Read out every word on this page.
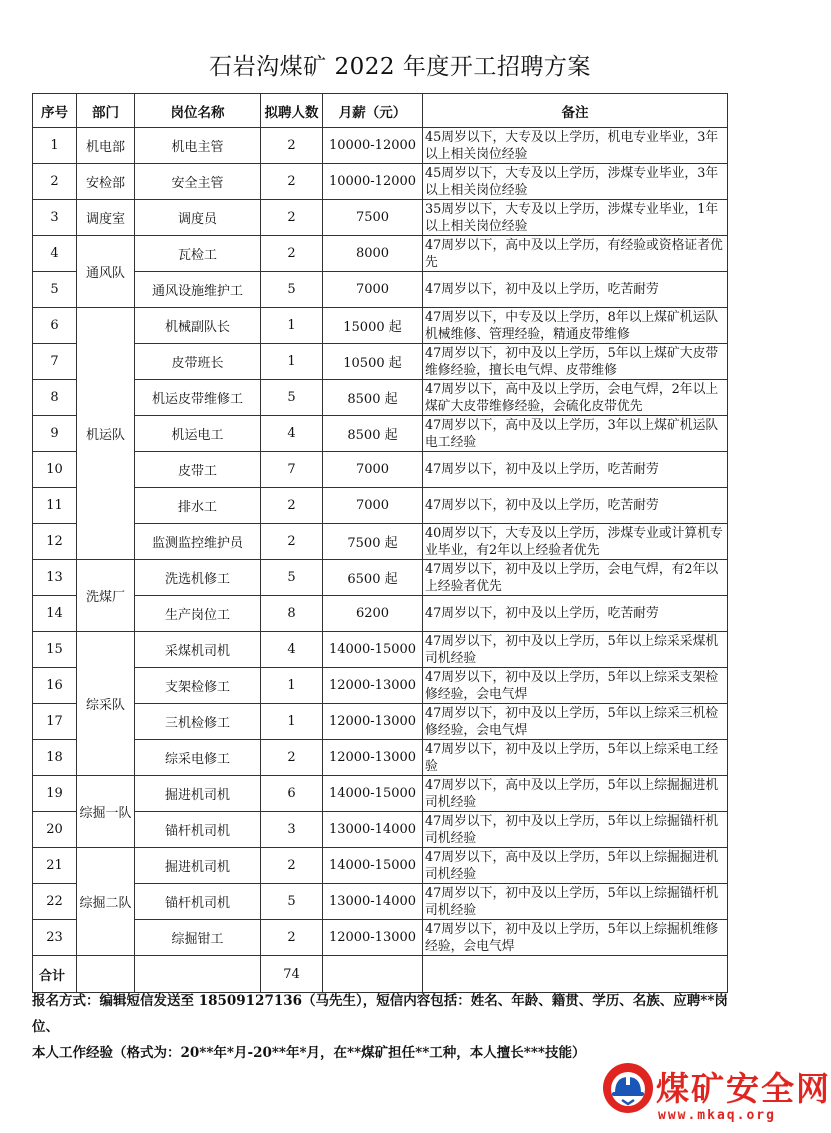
石岩沟煤矿 2022 年度开工招聘方案
序号	部门	岗位名称	拟聘人数	月薪（元）	备注
1	机电部	机电主管	2	10000-12000	45周岁以下，大专及以上学历，机电专业毕业，3年以上相关岗位经验
2	安检部	安全主管	2	10000-12000	45周岁以下，大专及以上学历，涉煤专业毕业，3年以上相关岗位经验
3	调度室	调度员	2	7500	35周岁以下，大专及以上学历，涉煤专业毕业，1年以上相关岗位经验
4	通风队	瓦检工	2	8000	47周岁以下，高中及以上学历，有经验或资格证者优先
5		通风设施维护工	5	7000	47周岁以下，初中及以上学历，吃苦耐劳
6	机运队	机械副队长	1	15000 起	47周岁以下，中专及以上学历，8年以上煤矿机运队机械维修、管理经验，精通皮带维修
7		皮带班长	1	10500 起	47周岁以下，初中及以上学历，5年以上煤矿大皮带维修经验，擅长电气焊、皮带维修
8		机运皮带维修工	5	8500 起	47周岁以下，高中及以上学历，会电气焊，2年以上煤矿大皮带维修经验，会硫化皮带优先
9		机运电工	4	8500 起	47周岁以下，高中及以上学历，3年以上煤矿机运队电工经验
10		皮带工	7	7000	47周岁以下，初中及以上学历，吃苦耐劳
11		排水工	2	7000	47周岁以下，初中及以上学历，吃苦耐劳
12		监测监控维护员	2	7500 起	40周岁以下，大专及以上学历，涉煤专业或计算机专业毕业，有2年以上经验者优先
13	洗煤厂	洗选机修工	5	6500 起	47周岁以下，初中及以上学历，会电气焊，有2年以上经验者优先
14		生产岗位工	8	6200	47周岁以下，初中及以上学历，吃苦耐劳
15	综采队	采煤机司机	4	14000-15000	47周岁以下，初中及以上学历，5年以上综采采煤机司机经验
16		支架检修工	1	12000-13000	47周岁以下，初中及以上学历，5年以上综采支架检修经验，会电气焊
17		三机检修工	1	12000-13000	47周岁以下，初中及以上学历，5年以上综采三机检修经验，会电气焊
18		综采电修工	2	12000-13000	47周岁以下，初中及以上学历，5年以上综采电工经验
19	综掘一队	掘进机司机	6	14000-15000	47周岁以下，高中及以上学历，5年以上综掘掘进机司机经验
20		锚杆机司机	3	13000-14000	47周岁以下，初中及以上学历，5年以上综掘锚杆机司机经验
21	综掘二队	掘进机司机	2	14000-15000	47周岁以下，高中及以上学历，5年以上综掘掘进机司机经验
22		锚杆机司机	5	13000-14000	47周岁以下，初中及以上学历，5年以上综掘锚杆机司机经验
23		综掘钳工	2	12000-13000	47周岁以下，初中及以上学历，5年以上综掘机维修经验，会电气焊
合计			74		
报名方式：编辑短信发送至 18509127136（马先生），短信内容包括：姓名、年龄、籍贯、学历、名族、应聘**岗位、
本人工作经验（格式为：20**年*月-20**年*月，在**煤矿担任**工种，本人擅长***技能）
煤矿安全网
www.mkaq.org
